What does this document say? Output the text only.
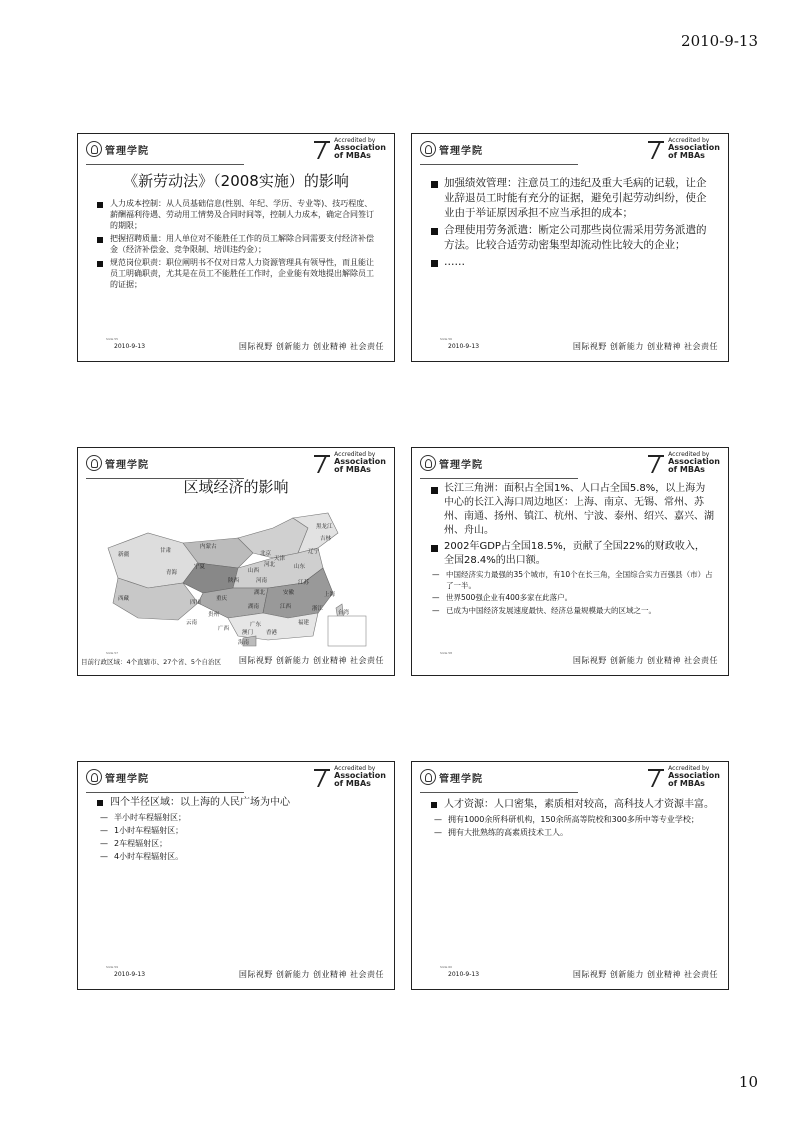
2010-9-13
管理学院
Accredited by
Association
of MBAs
《新劳动法》（2008实施）的影响
人力成本控制：从人员基础信息(性别、年纪、学历、专业等)、技巧程度、薪酬福利待遇、劳动用工情势及合同时间等，控制人力成本，确定合同签订的期限；
把握招聘质量：用人单位对不能胜任工作的员工解除合同需要支付经济补偿金（经济补偿金、竞争限制、培训违约金）；
规范岗位职责：职位阐明书不仅对日常人力资源管理具有领导性，而且能让员工明确职责，尤其是在员工不能胜任工作时，企业能有效地提出解除员工的证据；
Slide 55
2010-9-13	国际视野 创新能力 创业精神 社会责任
管理学院
Accredited by
Association
of MBAs
加强绩效管理：注意员工的违纪及重大毛病的记载，让企业辞退员工时能有充分的证据，避免引起劳动纠纷，使企业由于举证原因承担不应当承担的成本；
合理使用劳务派遣：断定公司那些岗位需采用劳务派遣的方法。比较合适劳动密集型却流动性比较大的企业；
……
Slide 56
2010-9-13	国际视野 创新能力 创业精神 社会责任
管理学院
Accredited by
Association
of MBAs
区域经济的影响
黑龙江
吉林
辽宁
新疆
甘肃
内蒙古
北京
天津
宁夏
山西
河北	山东
青海
陕西	河南	江苏
西藏
四川
重庆
湖北	安徽	上海
贵州
湖南	江西	浙江
云南
广西
广东	福建
台湾
香港
澳门
海南
Slide 57
目前行政区域：4个直辖市、27个省、5个自治区 国际视野 创新能力 创业精神 社会责任
管理学院
Accredited by
Association
of MBAs
长江三角洲：面积占全国1%、人口占全国5.8%，以上海为中心的长江入海口周边地区：上海、南京、无锡、常州、苏州、南通、扬州、镇江、杭州、宁波、泰州、绍兴、嘉兴、湖州、舟山。
2002年GDP占全国18.5%，贡献了全国22%的财政收入，全国28.4%的出口额。
— 中国经济实力最强的35个城市，有10个在长三角，全国综合实力百强县（市）占了一半。
— 世界500强企业有400多家在此落户。
— 已成为中国经济发展速度最快、经济总量规模最大的区域之一。
Slide 58
国际视野 创新能力 创业精神 社会责任
管理学院
Accredited by
Association
of MBAs
四个半径区域：以上海的人民广场为中心
— 半小时车程辐射区；
— 1小时车程辐射区；
— 2车程辐射区；
— 4小时车程辐射区。
Slide 59
2010-9-13	国际视野 创新能力 创业精神 社会责任
管理学院
Accredited by
Association
of MBAs
人才资源：人口密集，素质相对较高，高科技人才资源丰富。
— 拥有1000余所科研机构，150余所高等院校和300多所中等专业学校；
— 拥有大批熟练的高素质技术工人。
Slide 60
2010-9-13	国际视野 创新能力 创业精神 社会责任
10
